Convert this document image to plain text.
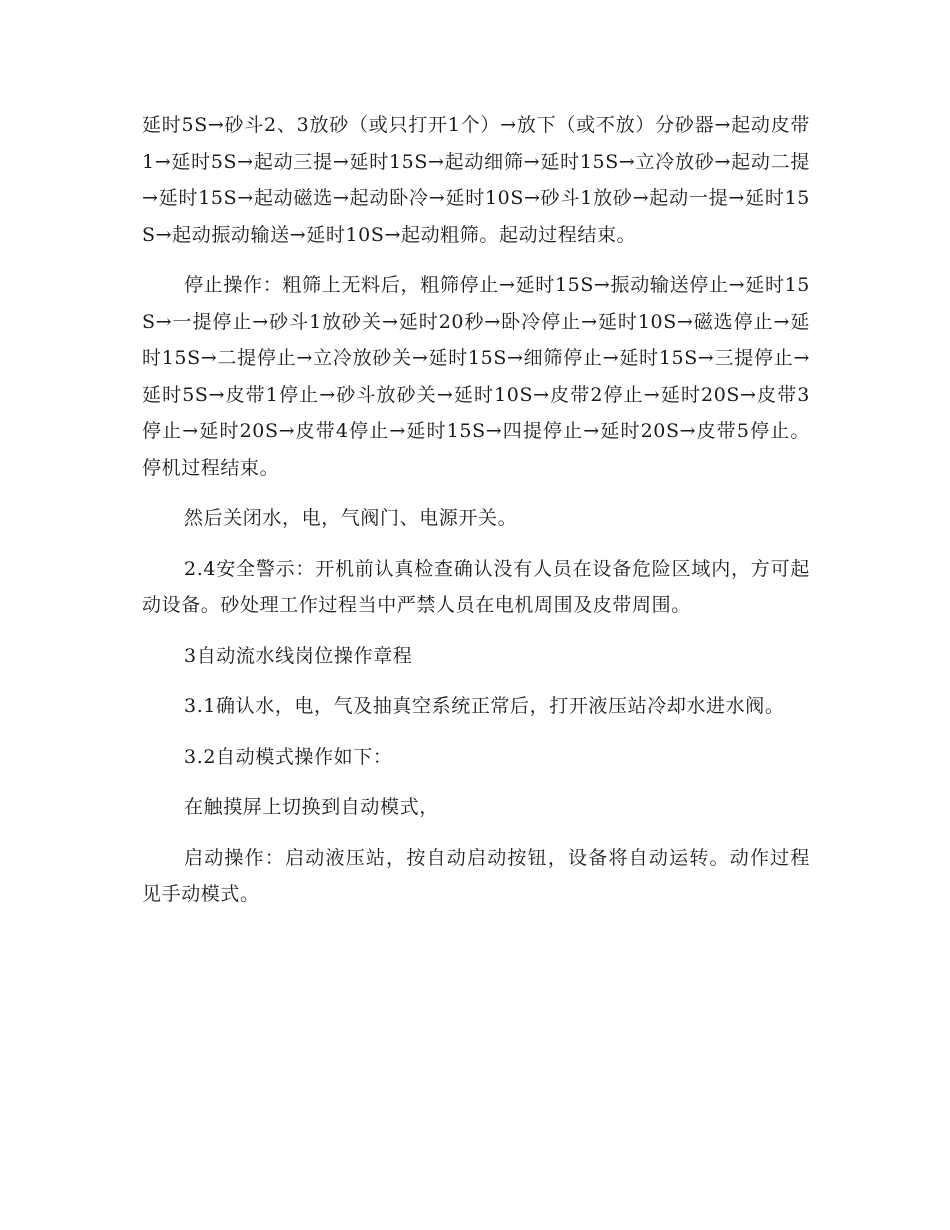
延时5S→砂斗2、3放砂（或只打开1个）→放下（或不放）分砂器→起动皮带1→延时5S→起动三提→延时15S→起动细筛→延时15S→立冷放砂→起动二提→延时15S→起动磁选→起动卧冷→延时10S→砂斗1放砂→起动一提→延时15S→起动振动输送→延时10S→起动粗筛。起动过程结束。

停止操作：粗筛上无料后，粗筛停止→延时15S→振动输送停止→延时15S→一提停止→砂斗1放砂关→延时20秒→卧冷停止→延时10S→磁选停止→延时15S→二提停止→立冷放砂关→延时15S→细筛停止→延时15S→三提停止→延时5S→皮带1停止→砂斗放砂关→延时10S→皮带2停止→延时20S→皮带3停止→延时20S→皮带4停止→延时15S→四提停止→延时20S→皮带5停止。停机过程结束。

然后关闭水，电，气阀门、电源开关。

2.4安全警示：开机前认真检查确认没有人员在设备危险区域内，方可起动设备。砂处理工作过程当中严禁人员在电机周围及皮带周围。

3自动流水线岗位操作章程

3.1确认水，电，气及抽真空系统正常后，打开液压站冷却水进水阀。

3.2自动模式操作如下：

在触摸屏上切换到自动模式，

启动操作：启动液压站，按自动启动按钮，设备将自动运转。动作过程见手动模式。
